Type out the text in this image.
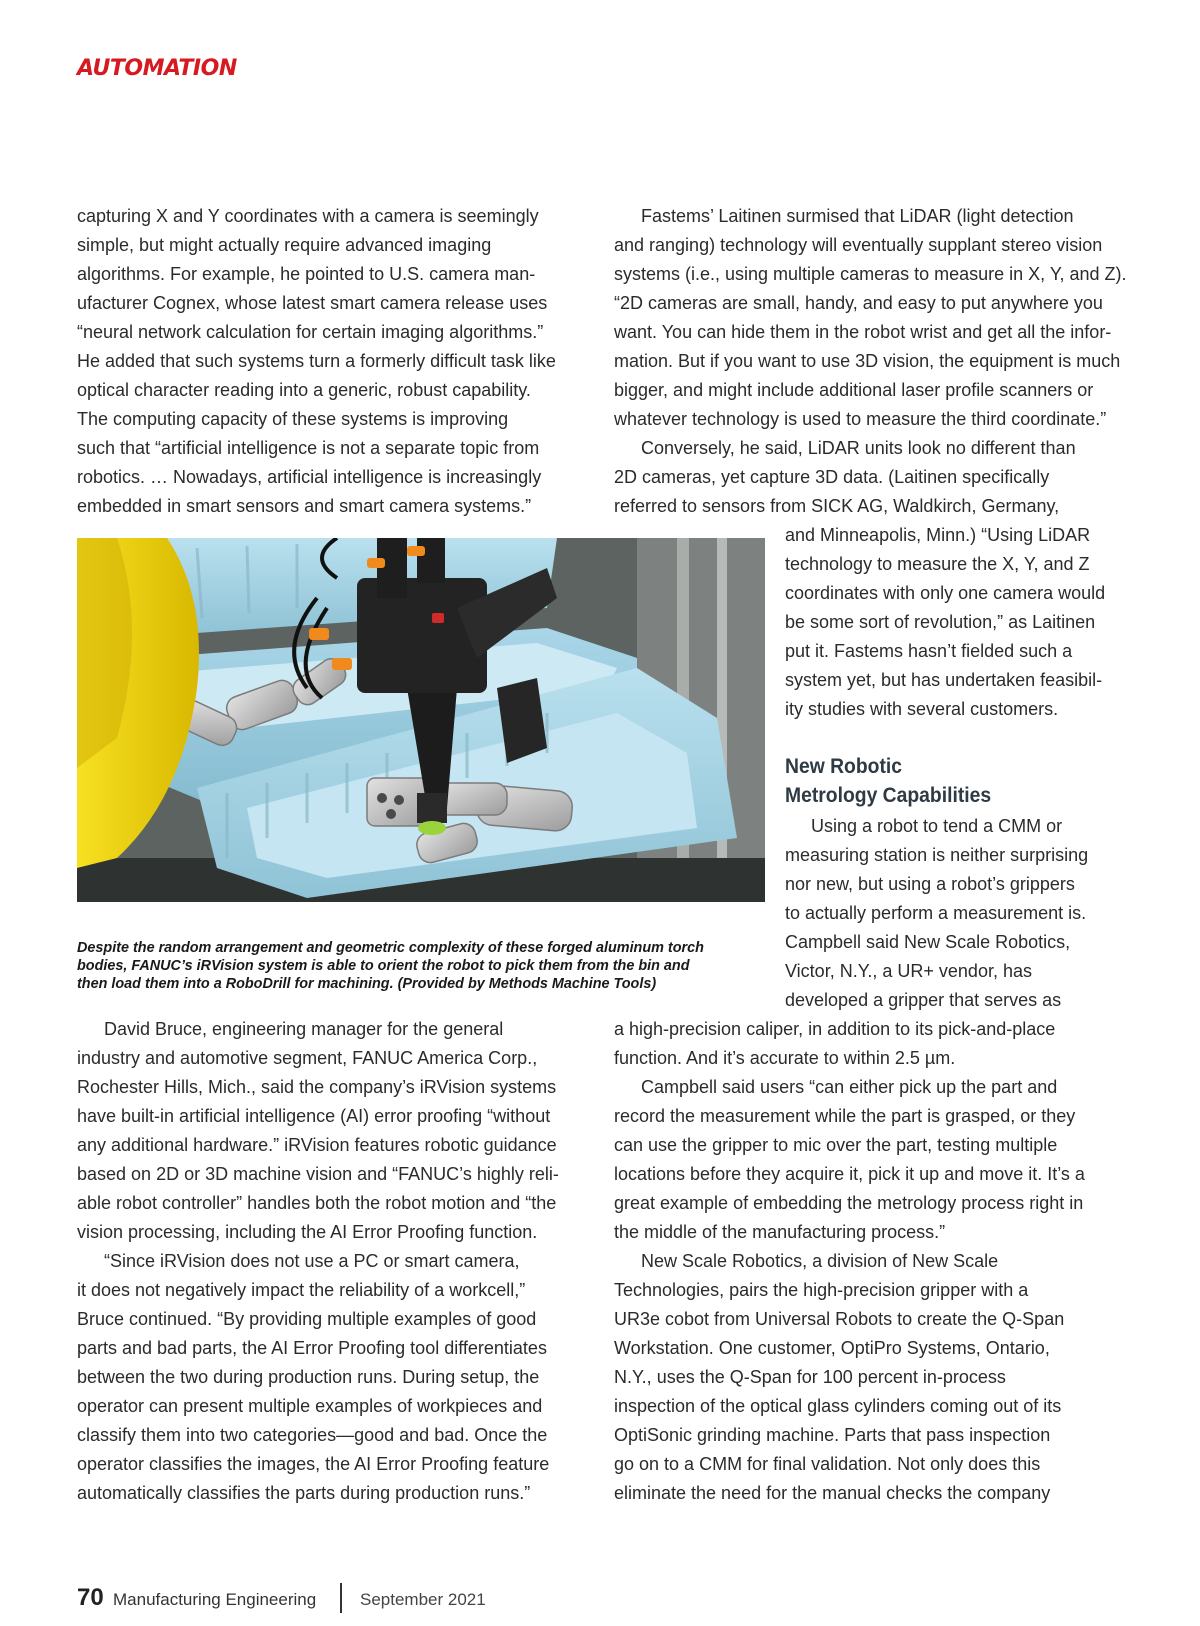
AUTOMATION
capturing X and Y coordinates with a camera is seemingly
simple, but might actually require advanced imaging
algorithms. For example, he pointed to U.S. camera man-
ufacturer Cognex, whose latest smart camera release uses
“neural network calculation for certain imaging algorithms.”
He added that such systems turn a formerly difficult task like
optical character reading into a generic, robust capability.
The computing capacity of these systems is improving
such that “artificial intelligence is not a separate topic from
robotics. … Nowadays, artificial intelligence is increasingly
embedded in smart sensors and smart camera systems.”
Fastems’ Laitinen surmised that LiDAR (light detection
and ranging) technology will eventually supplant stereo vision
systems (i.e., using multiple cameras to measure in X, Y, and Z).
“2D cameras are small, handy, and easy to put anywhere you
want. You can hide them in the robot wrist and get all the infor-
mation. But if you want to use 3D vision, the equipment is much
bigger, and might include additional laser profile scanners or
whatever technology is used to measure the third coordinate.”
Conversely, he said, LiDAR units look no different than
2D cameras, yet capture 3D data. (Laitinen specifically
referred to sensors from SICK AG, Waldkirch, Germany,
and Minneapolis, Minn.) “Using LiDAR
technology to measure the X, Y, and Z
coordinates with only one camera would
be some sort of revolution,” as Laitinen
put it. Fastems hasn’t fielded such a
system yet, but has undertaken feasibil-
ity studies with several customers.
New Robotic
Metrology Capabilities
Using a robot to tend a CMM or
measuring station is neither surprising
nor new, but using a robot’s grippers
to actually perform a measurement is.
Campbell said New Scale Robotics,
Victor, N.Y., a UR+ vendor, has
developed a gripper that serves as
a high-precision caliper, in addition to its pick-and-place
function. And it’s accurate to within 2.5 µm.
Campbell said users “can either pick up the part and
record the measurement while the part is grasped, or they
can use the gripper to mic over the part, testing multiple
locations before they acquire it, pick it up and move it. It’s a
great example of embedding the metrology process right in
the middle of the manufacturing process.”
New Scale Robotics, a division of New Scale
Technologies, pairs the high-precision gripper with a
UR3e cobot from Universal Robots to create the Q-Span
Workstation. One customer, OptiPro Systems, Ontario,
N.Y., uses the Q-Span for 100 percent in-process
inspection of the optical glass cylinders coming out of its
OptiSonic grinding machine. Parts that pass inspection
go on to a CMM for final validation. Not only does this
eliminate the need for the manual checks the company
Despite the random arrangement and geometric complexity of these forged aluminum torch
bodies, FANUC’s iRVision system is able to orient the robot to pick them from the bin and
then load them into a RoboDrill for machining. (Provided by Methods Machine Tools)
David Bruce, engineering manager for the general
industry and automotive segment, FANUC America Corp.,
Rochester Hills, Mich., said the company’s iRVision systems
have built-in artificial intelligence (AI) error proofing “without
any additional hardware.” iRVision features robotic guidance
based on 2D or 3D machine vision and “FANUC’s highly reli-
able robot controller” handles both the robot motion and “the
vision processing, including the AI Error Proofing function.
“Since iRVision does not use a PC or smart camera,
it does not negatively impact the reliability of a workcell,”
Bruce continued. “By providing multiple examples of good
parts and bad parts, the AI Error Proofing tool differentiates
between the two during production runs. During setup, the
operator can present multiple examples of workpieces and
classify them into two categories—good and bad. Once the
operator classifies the images, the AI Error Proofing feature
automatically classifies the parts during production runs.”
70 Manufacturing Engineering	September 2021
